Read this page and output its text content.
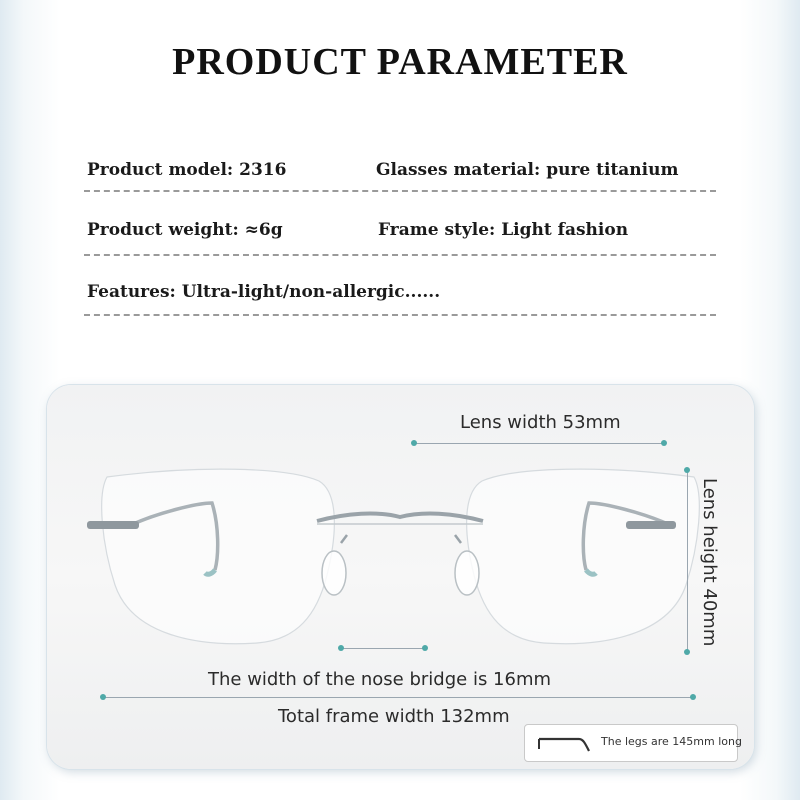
PRODUCT PARAMETER
Product model: 2316	Glasses material: pure titanium
Product weight: ≈6g	Frame style: Light fashion
Features: Ultra-light/non-allergic......
Lens width 53mm
Lens height 40mm
The width of the nose bridge is 16mm
Total frame width 132mm
The legs are 145mm long
